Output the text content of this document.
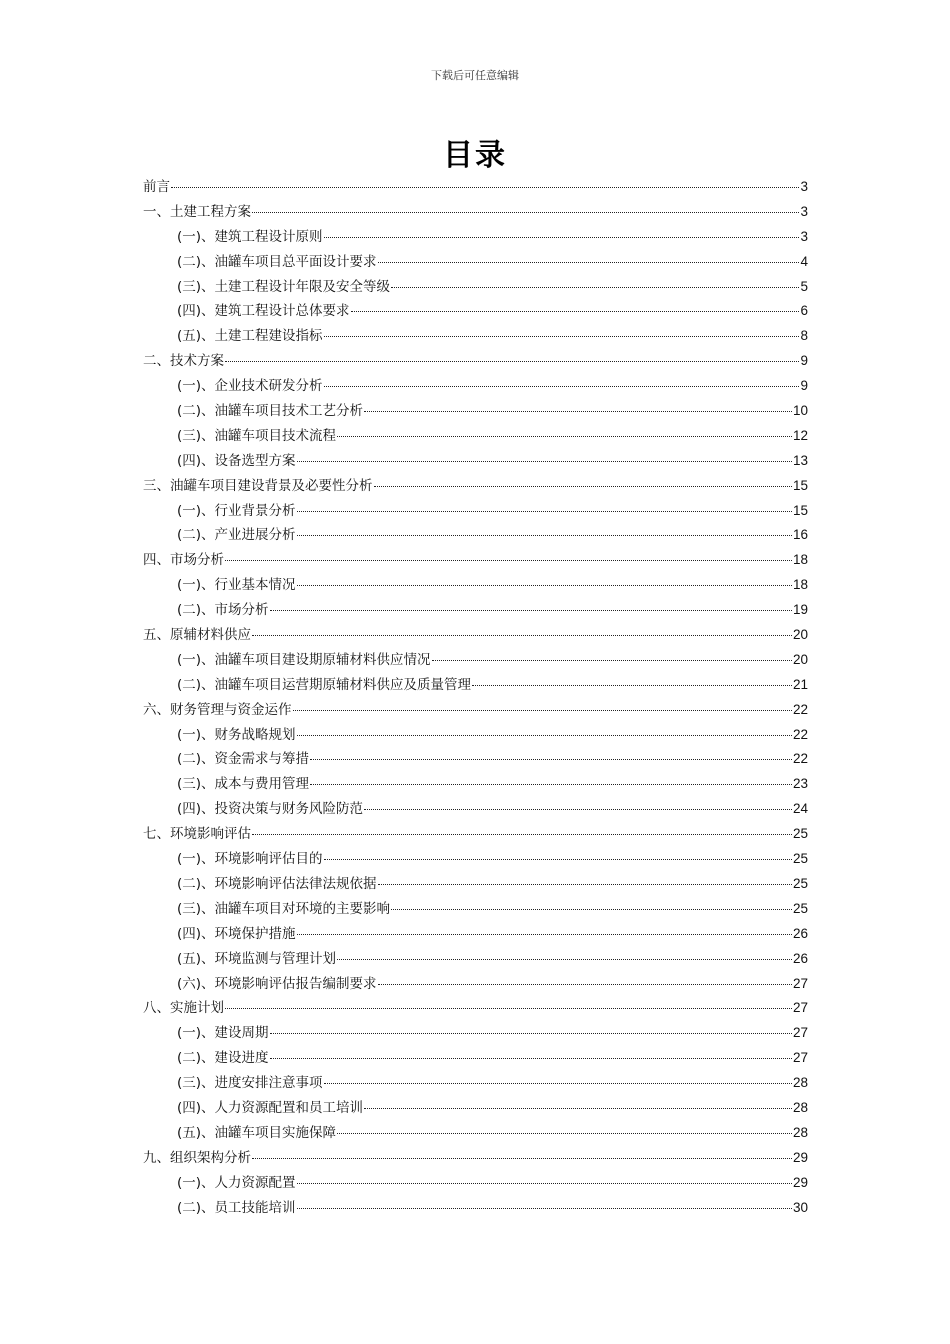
下载后可任意编辑
目录
前言	3
一、土建工程方案	3
(一)、建筑工程设计原则	3
(二)、油罐车项目总平面设计要求	4
(三)、土建工程设计年限及安全等级	5
(四)、建筑工程设计总体要求	6
(五)、土建工程建设指标	8
二、技术方案	9
(一)、企业技术研发分析	9
(二)、油罐车项目技术工艺分析	10
(三)、油罐车项目技术流程	12
(四)、设备选型方案	13
三、油罐车项目建设背景及必要性分析	15
(一)、行业背景分析	15
(二)、产业进展分析	16
四、市场分析	18
(一)、行业基本情况	18
(二)、市场分析	19
五、原辅材料供应	20
(一)、油罐车项目建设期原辅材料供应情况	20
(二)、油罐车项目运营期原辅材料供应及质量管理	21
六、财务管理与资金运作	22
(一)、财务战略规划	22
(二)、资金需求与筹措	22
(三)、成本与费用管理	23
(四)、投资决策与财务风险防范	24
七、环境影响评估	25
(一)、环境影响评估目的	25
(二)、环境影响评估法律法规依据	25
(三)、油罐车项目对环境的主要影响	25
(四)、环境保护措施	26
(五)、环境监测与管理计划	26
(六)、环境影响评估报告编制要求	27
八、实施计划	27
(一)、建设周期	27
(二)、建设进度	27
(三)、进度安排注意事项	28
(四)、人力资源配置和员工培训	28
(五)、油罐车项目实施保障	28
九、组织架构分析	29
(一)、人力资源配置	29
(二)、员工技能培训	30
